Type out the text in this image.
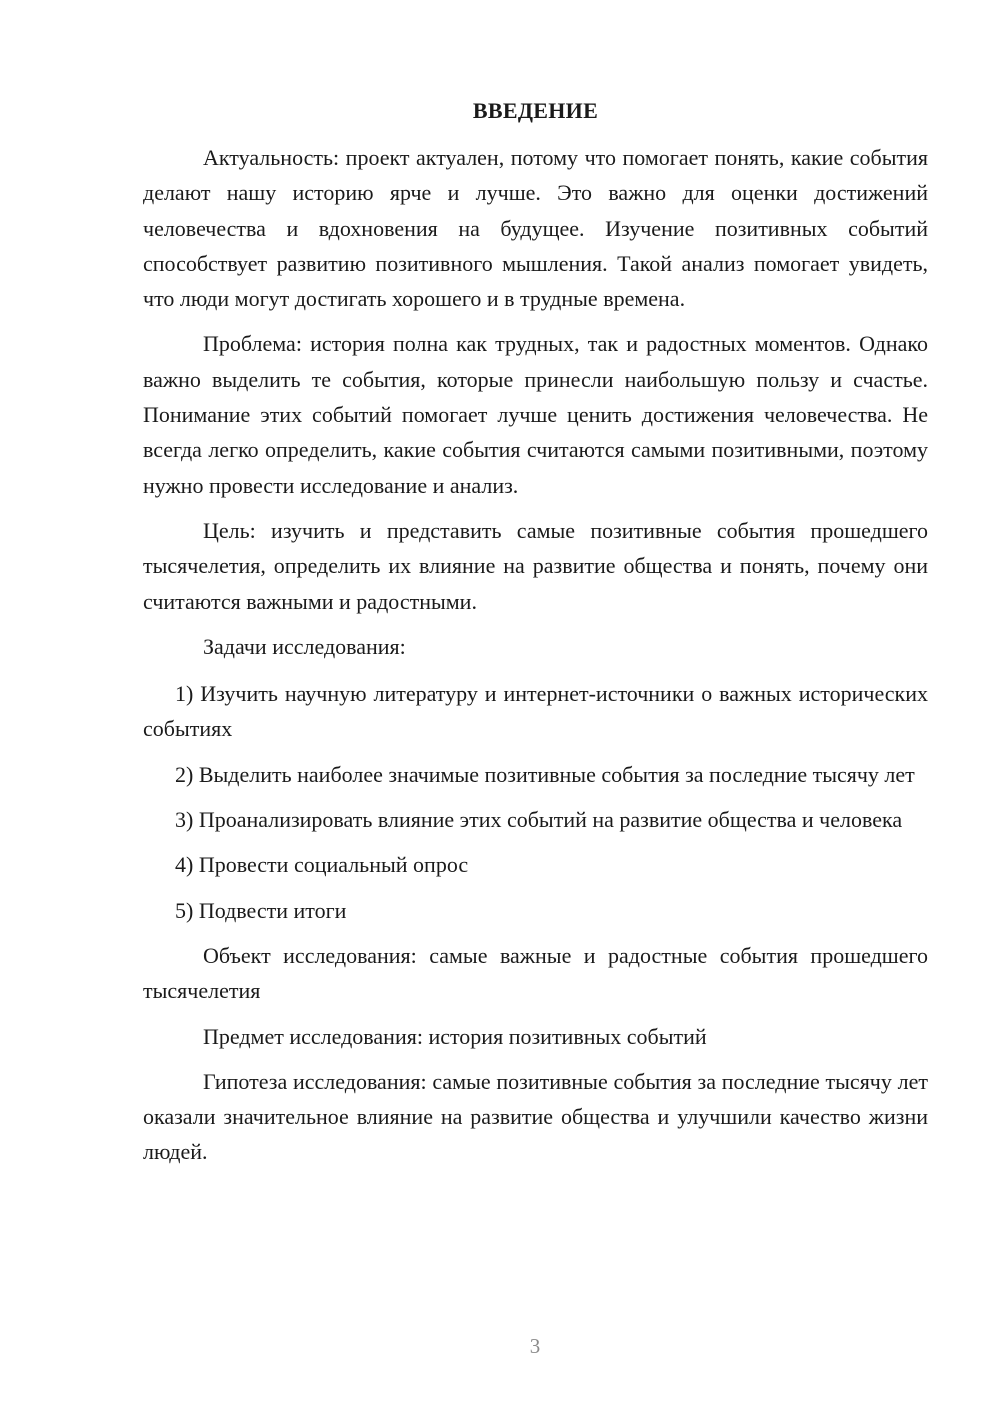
ВВЕДЕНИЕ

Актуальность: проект актуален, потому что помогает понять, какие события делают нашу историю ярче и лучше. Это важно для оценки достижений человечества и вдохновения на будущее. Изучение позитивных событий способствует развитию позитивного мышления. Такой анализ помогает увидеть, что люди могут достигать хорошего и в трудные времена.

Проблема: история полна как трудных, так и радостных моментов. Однако важно выделить те события, которые принесли наибольшую пользу и счастье. Понимание этих событий помогает лучше ценить достижения человечества. Не всегда легко определить, какие события считаются самыми позитивными, поэтому нужно провести исследование и анализ.

Цель: изучить и представить самые позитивные события прошедшего тысячелетия, определить их влияние на развитие общества и понять, почему они считаются важными и радостными.

Задачи исследования:

1) Изучить научную литературу и интернет-источники о важных исторических событиях

2) Выделить наиболее значимые позитивные события за последние тысячу лет

3) Проанализировать влияние этих событий на развитие общества и человека

4) Провести социальный опрос

5) Подвести итоги

Объект исследования: самые важные и радостные события прошедшего тысячелетия

Предмет исследования: история позитивных событий

Гипотеза исследования: самые позитивные события за последние тысячу лет оказали значительное влияние на развитие общества и улучшили качество жизни людей.

3
